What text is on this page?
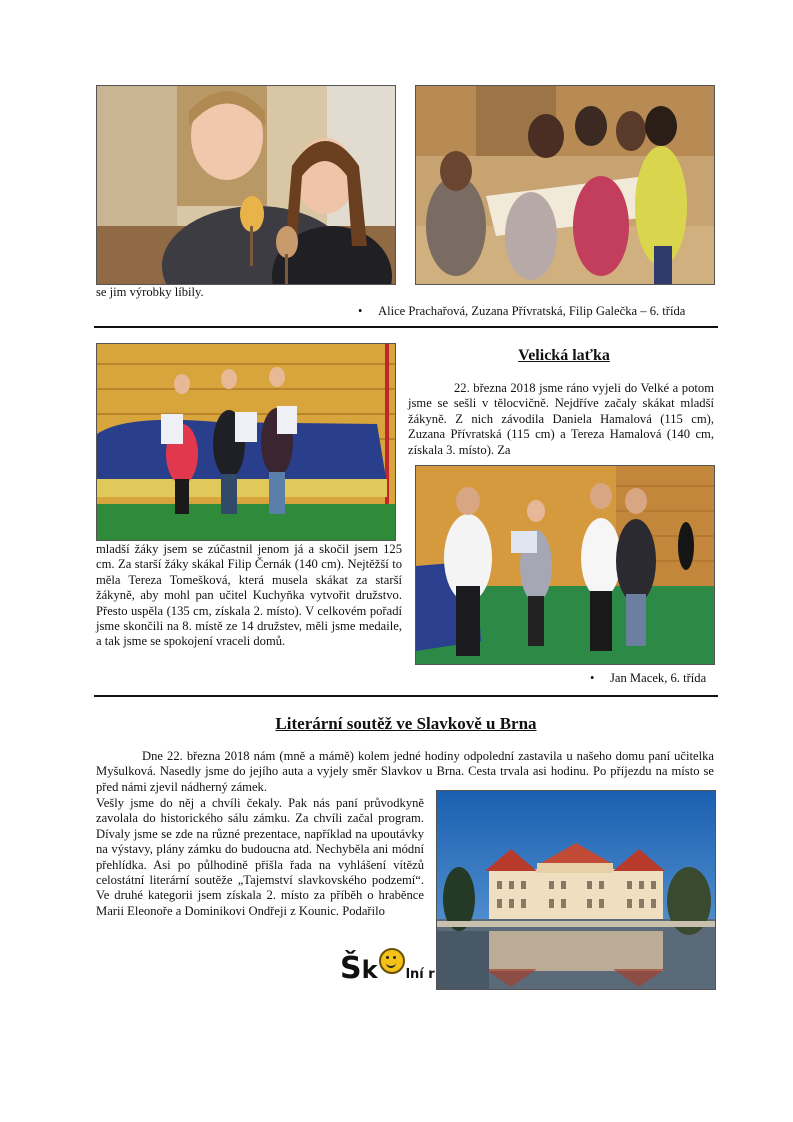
se jim výrobky líbily.
• Alice Prachařová, Zuzana Přívratská, Filip Galečka – 6. třída
Velická laťka
22. března 2018 jsme ráno vyjeli do Velké a potom jsme se sešli v tělocvičně. Nejdříve začaly skákat mladší žákyně. Z nich závodila Daniela Hamalová (115 cm), Zuzana Přívratská (115 cm) a Tereza Hamalová (140 cm, získala 3. místo). Za
mladší žáky jsem se zúčastnil jenom já a skočil jsem 125 cm. Za starší žáky skákal Filip Černák (140 cm). Nejtěžší to měla Tereza Tomešková, která musela skákat za starší žákyně, aby mohl pan učitel Kuchyňka vytvořit družstvo. Přesto uspěla (135 cm, získala 2. místo). V celkovém pořadí jsme skončili na 8. místě ze 14 družstev, měli jsme medaile, a tak jsme se spokojení vraceli domů.
• Jan Macek, 6. třída
Literární soutěž ve Slavkově u Brna
Dne 22. března 2018 nám (mně a mámě) kolem jedné hodiny odpolední zastavila u našeho domu paní učitelka Myšulková. Nasedly jsme do jejího auta a vyjely směr Slavkov u Brna. Cesta trvala asi hodinu. Po příjezdu na místo se před námi zjevil nádherný zámek.
Vešly jsme do něj a chvíli čekaly. Pak nás paní průvodkyně zavolala do historického sálu zámku. Za chvíli začal program. Dívaly jsme se zde na různé prezentace, například na upoutávky na výstavy, plány zámku do budoucna atd. Nechyběla ani módní přehlídka. Asi po půlhodině přišla řada na vyhlášení vítězů celostátní literární soutěže „Tajemství slavkovského podzemí“. Ve druhé kategorii jsem získala 2. místo za příběh o hraběnce Marii Eleonoře a Dominikovi Ondřeji z Kounic. Podařilo
Šk lní r
